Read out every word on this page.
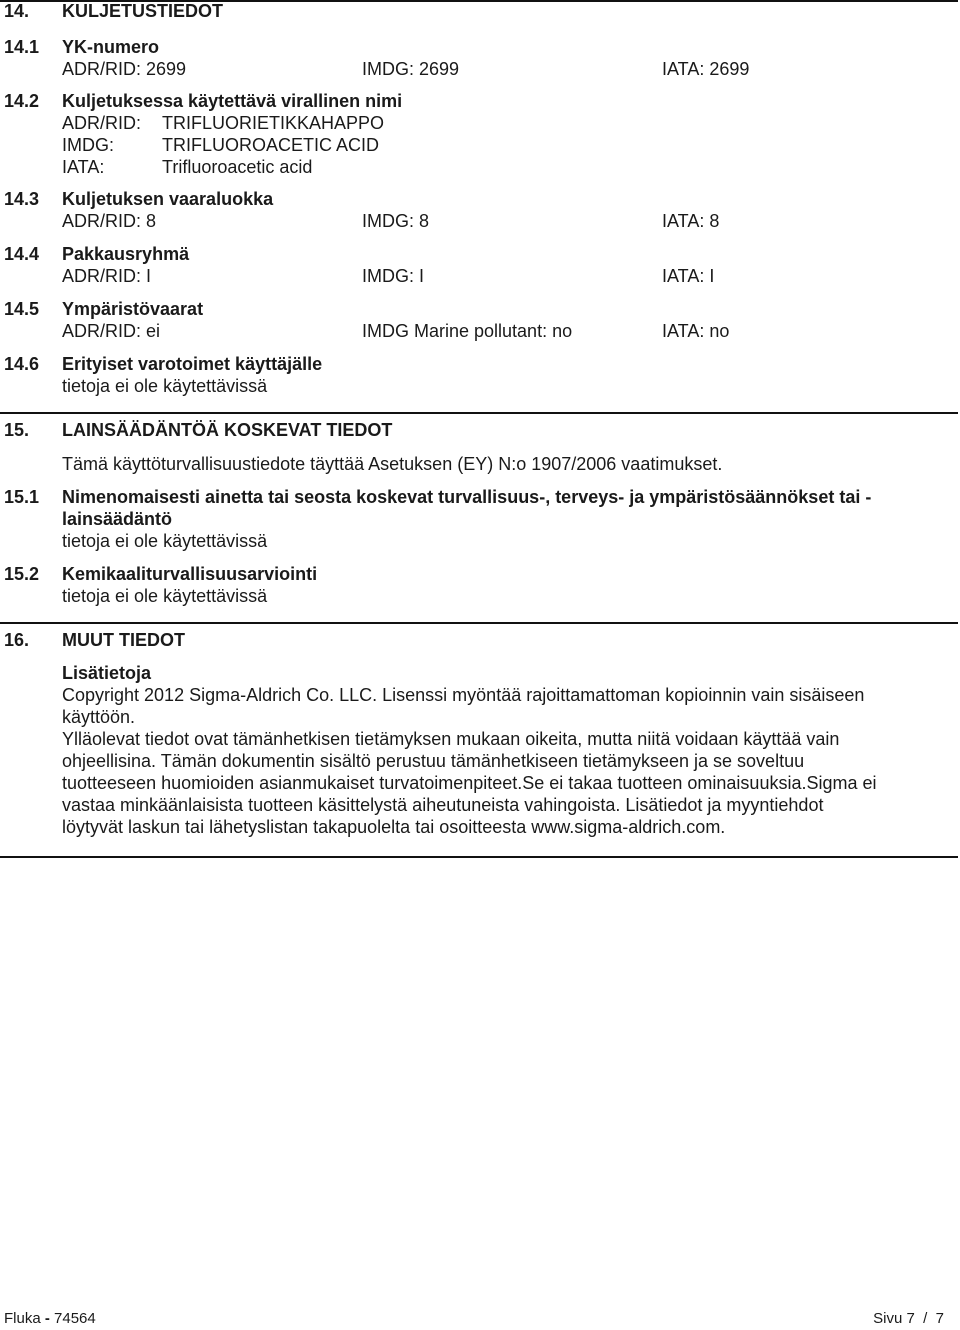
14. KULJETUSTIEDOT
14.1 YK-numero
ADR/RID: 2699	IMDG: 2699	IATA: 2699
14.2 Kuljetuksessa käytettävä virallinen nimi
ADR/RID: TRIFLUORIETIKKAHAPPO
IMDG:	TRIFLUOROACETIC ACID
IATA:	Trifluoroacetic acid
14.3 Kuljetuksen vaaraluokka
ADR/RID: 8	IMDG: 8	IATA: 8
14.4 Pakkausryhmä
ADR/RID: I	IMDG: I	IATA: I
14.5 Ympäristövaarat
ADR/RID: ei	IMDG Marine pollutant: no	IATA: no
14.6 Erityiset varotoimet käyttäjälle
tietoja ei ole käytettävissä
15. LAINSÄÄDÄNTÖÄ KOSKEVAT TIEDOT
Tämä käyttöturvallisuustiedote täyttää Asetuksen (EY) N:o 1907/2006 vaatimukset.
15.1 Nimenomaisesti ainetta tai seosta koskevat turvallisuus-, terveys- ja ympäristösäännökset tai -
lainsäädäntö
tietoja ei ole käytettävissä
15.2 Kemikaaliturvallisuusarviointi
tietoja ei ole käytettävissä
16. MUUT TIEDOT
Lisätietoja
Copyright 2012 Sigma-Aldrich Co. LLC. Lisenssi myöntää rajoittamattoman kopioinnin vain sisäiseen
käyttöön.
Ylläolevat tiedot ovat tämänhetkisen tietämyksen mukaan oikeita, mutta niitä voidaan käyttää vain
ohjeellisina. Tämän dokumentin sisältö perustuu tämänhetkiseen tietämykseen ja se soveltuu
tuotteeseen huomioiden asianmukaiset turvatoimenpiteet.Se ei takaa tuotteen ominaisuuksia.Sigma ei
vastaa minkäänlaisista tuotteen käsittelystä aiheutuneista vahingoista. Lisätiedot ja myyntiehdot
löytyvät laskun tai lähetyslistan takapuolelta tai osoitteesta www.sigma-aldrich.com.
Fluka - 74564	Sivu 7  /  7
